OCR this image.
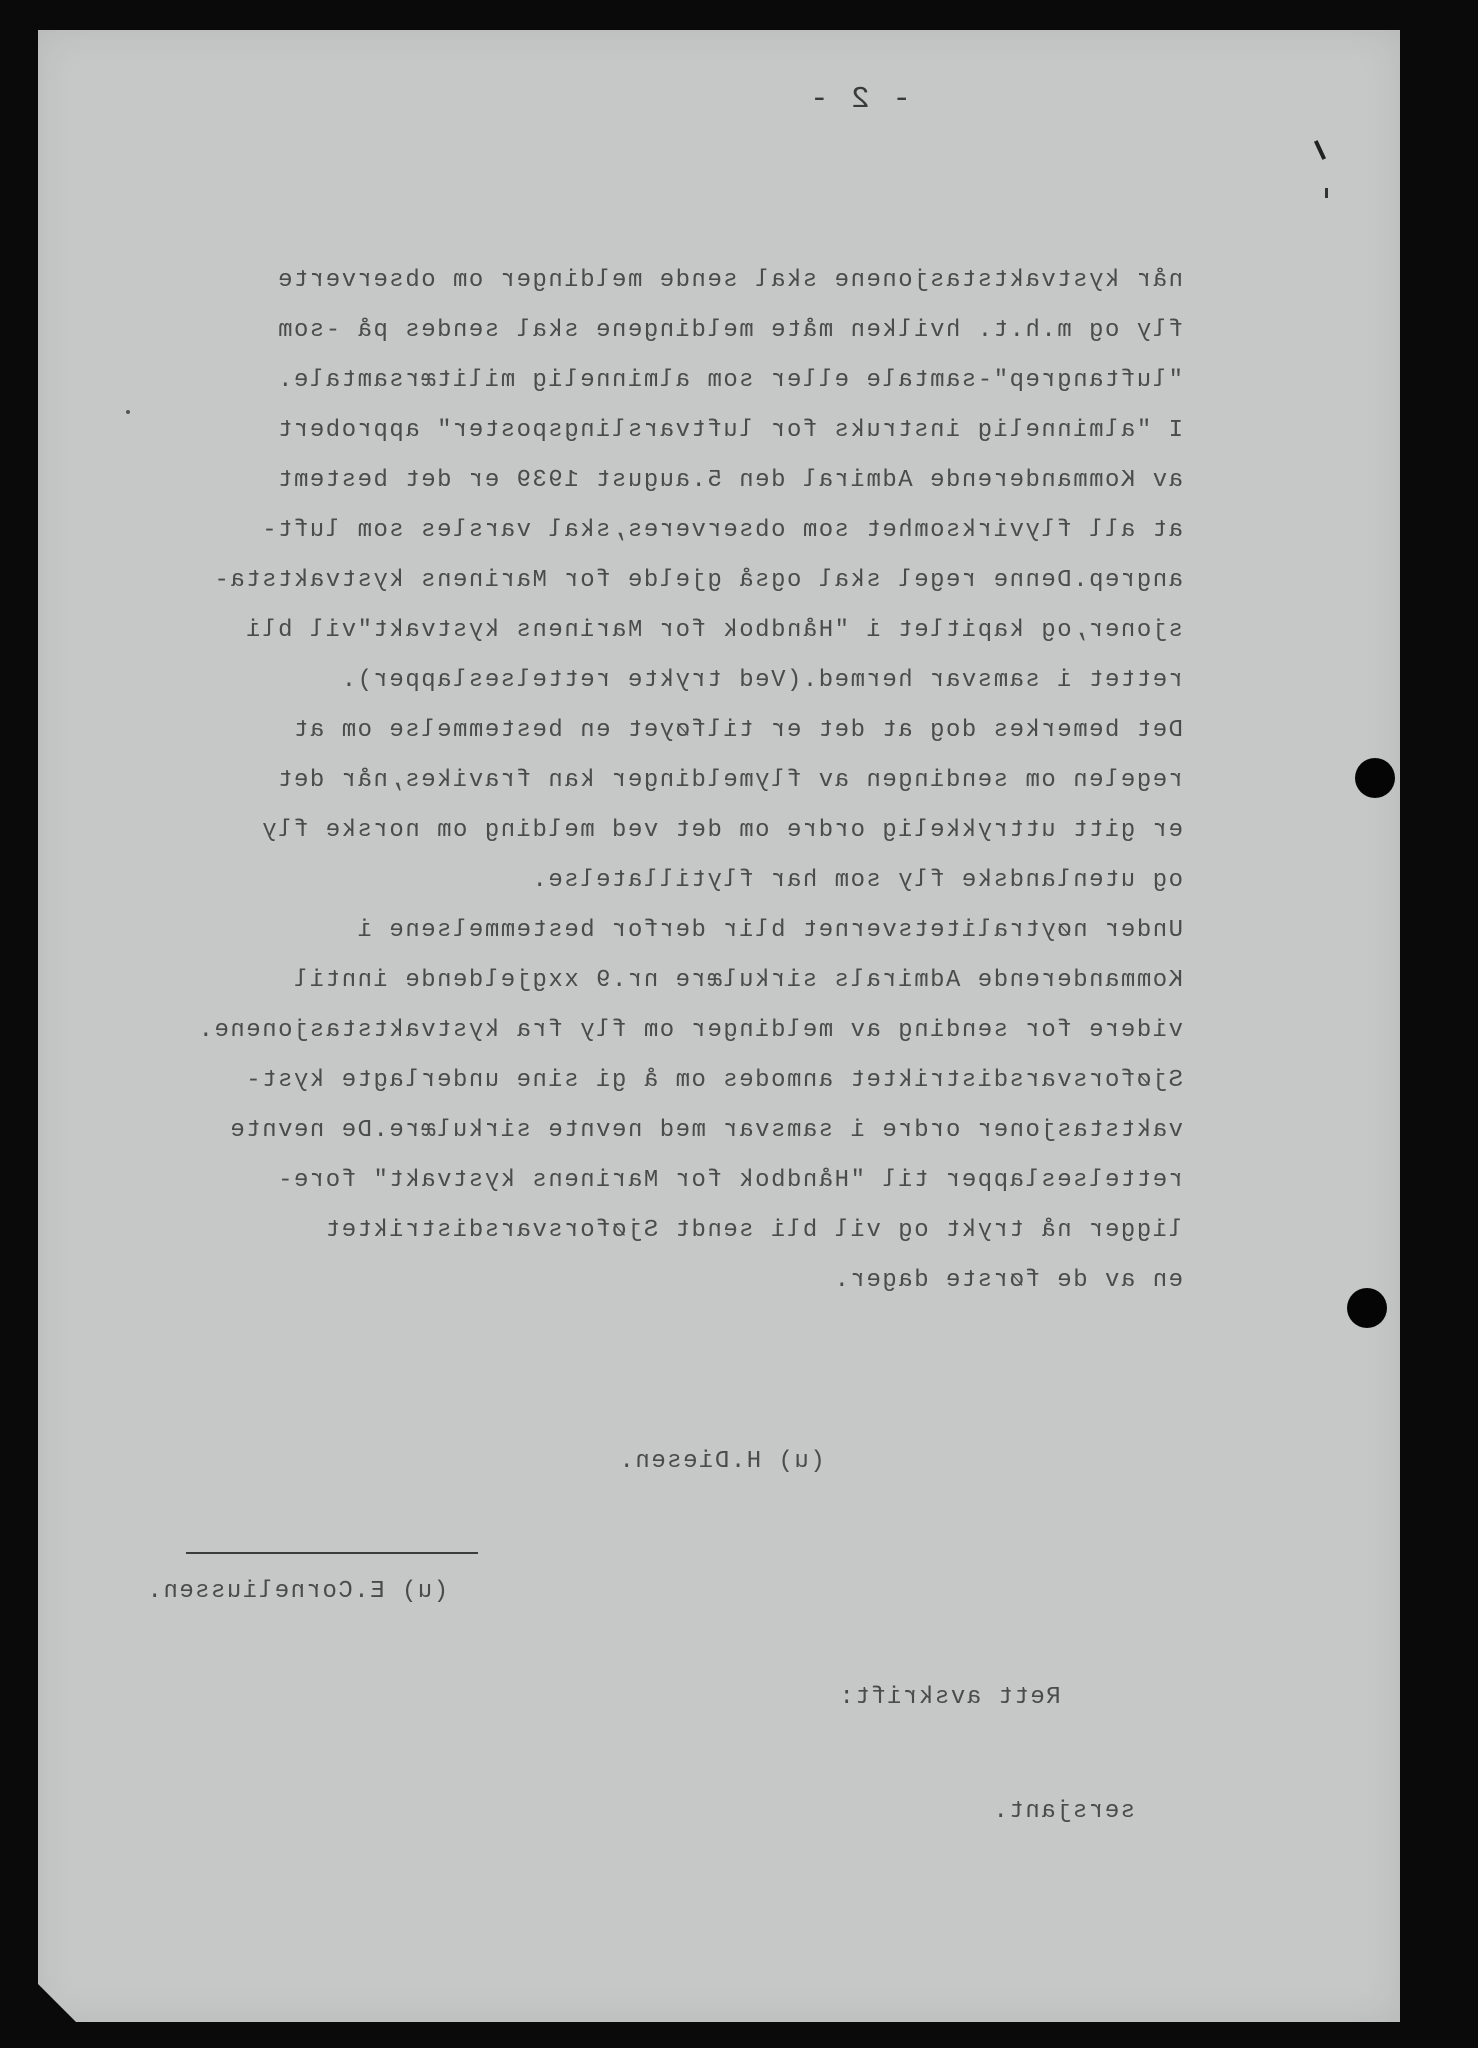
- 2 -
når kystvaktstasjonene skal sende meldinger om observerte
fly og m.h.t. hvilken måte meldingene skal sendes på -som
"luftangrep"-samtale eller som alminnelig militærsamtale.
I "alminnelig instruks for luftvarslingsposter" approbert
av Kommanderende Admiral den 5.august 1939 er det bestemt
at all flyvirksomhet som observeres,skal varsles som luft-
angrep.Denne regel skal også gjelde for Marinens kystvaktsta-
sjoner,og kapitlet i "Håndbok for Marinens kystvakt"vil bli
rettet i samsvar hermed.(Ved trykte rettelseslapper).
Det bemerkes dog at det er tilføyet en bestemmelse om at
regelen om sendingen av flymeldinger kan fravikes,når det
er gitt uttrykkelig ordre om det ved melding om norske fly
og utenlandske fly som har flytillatelse.
Under nøytralitetsvernet blir derfor bestemmelsene i
Kommanderende Admirals sirkulære nr.9 xxgjeldende inntil
videre for sending av meldinger om fly fra kystvaktstasjonene.
Sjøforsvarsdistriktet anmodes om å gi sine underlagte kyst-
vaktstasjoner ordre i samsvar med nevnte sirkulære.De nevnte
rettelseslapper til "Håndbok for Marinens kystvakt" fore-
ligger nå trykt og vil bli sendt Sjøforsvarsdistriktet
en av de første dager.
(u) H.Diesen.
(u) E.Corneliussen.
Rett avskrift:
sersjant.
